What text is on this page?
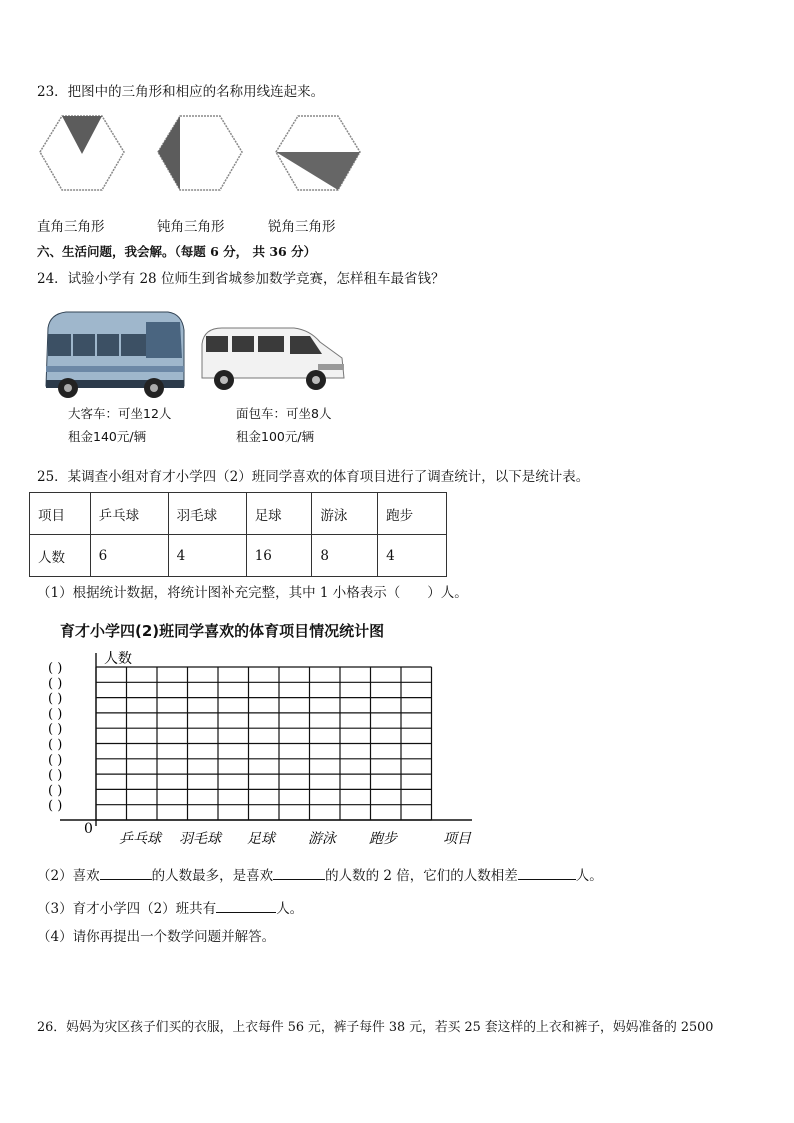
23．把图中的三角形和相应的名称用线连起来。
直角三角形	钝角三角形	锐角三角形
六、生活问题，我会解。（每题 6 分， 共 36 分）
24．试验小学有 28 位师生到省城参加数学竞赛，怎样租车最省钱？
大客车：可坐12人
租金140元/辆
面包车：可坐8人
租金100元/辆
25．某调查小组对育才小学四（2）班同学喜欢的体育项目进行了调查统计，以下是统计表。
项目	乒乓球	羽毛球	足球	游泳	跑步
人数	6	4	16	8	4
（1）根据统计数据，将统计图补充完整，其中 1 小格表示（　　）人。
育才小学四(2)班同学喜欢的体育项目情况统计图
( )
( )
( )
( )
( )
( )
( )
( )
( )
( )
人数
0
项目
乒乓球 羽毛球 足球 游泳 跑步
（2）喜欢	的人数最多，是喜欢	的人数的 2 倍，它们的人数相差	人。
（3）育才小学四（2）班共有	人。
（4）请你再提出一个数学问题并解答。
26．妈妈为灾区孩子们买的衣服，上衣每件 56 元，裤子每件 38 元，若买 25 套这样的上衣和裤子，妈妈准备的 2500
